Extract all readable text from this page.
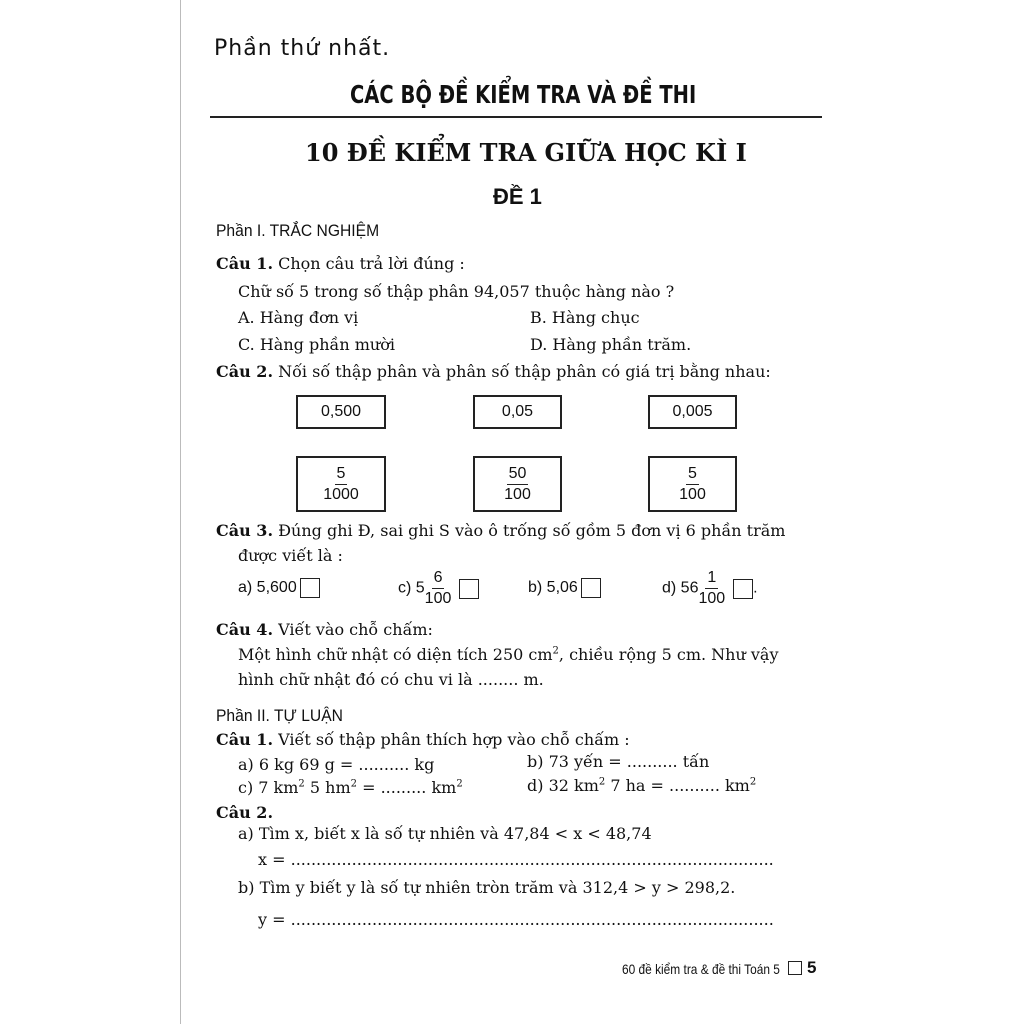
Phần thứ nhất.
CÁC BỘ ĐỀ KIỂM TRA VÀ ĐỀ THI
10 ĐỀ KIỂM TRA GIỮA HỌC KÌ I
ĐỀ 1
Phần I. TRẮC NGHIỆM
Câu 1. Chọn câu trả lời đúng :
Chữ số 5 trong số thập phân 94,057 thuộc hàng nào ?
A. Hàng đơn vị	B. Hàng chục
C. Hàng phần mười	D. Hàng phần trăm.
Câu 2. Nối số thập phân và phân số thập phân có giá trị bằng nhau:
0,500	0,05	0,005
$\frac{5}{1000}$	$\frac{50}{100}$	$\frac{5}{100}$
Câu 3. Đúng ghi Đ, sai ghi S vào ô trống số gồm 5 đơn vị 6 phần trăm
được viết là :
a) 5,600	c) $5 \frac{6}{100}$	b) 5,06	d) $56 \frac{1}{100}$ .
Câu 4. Viết vào chỗ chấm:
Một hình chữ nhật có diện tích 250 $cm^2$, chiều rộng 5 cm. Như vậy
hình chữ nhật đó có chu vi là ........ m.
Phần II. TỰ LUẬN
Câu 1. Viết số thập phân thích hợp vào chỗ chấm :
a) 6 kg 69 g = .......... kg	b) 73 yến = .......... tấn
c) 7 $km^2$ 5 $hm^2$ = ......... $km^2$	d) 32 $km^2$ 7 ha = .......... $km^2$
Câu 2.
a) Tìm x, biết x là số tự nhiên và 47,84 < x < 48,74
x = ...............................................................................................
b) Tìm y biết y là số tự nhiên tròn trăm và 312,4 > y > 298,2.
y = ...............................................................................................
60 đề kiểm tra & đề thi Toán 5 5
